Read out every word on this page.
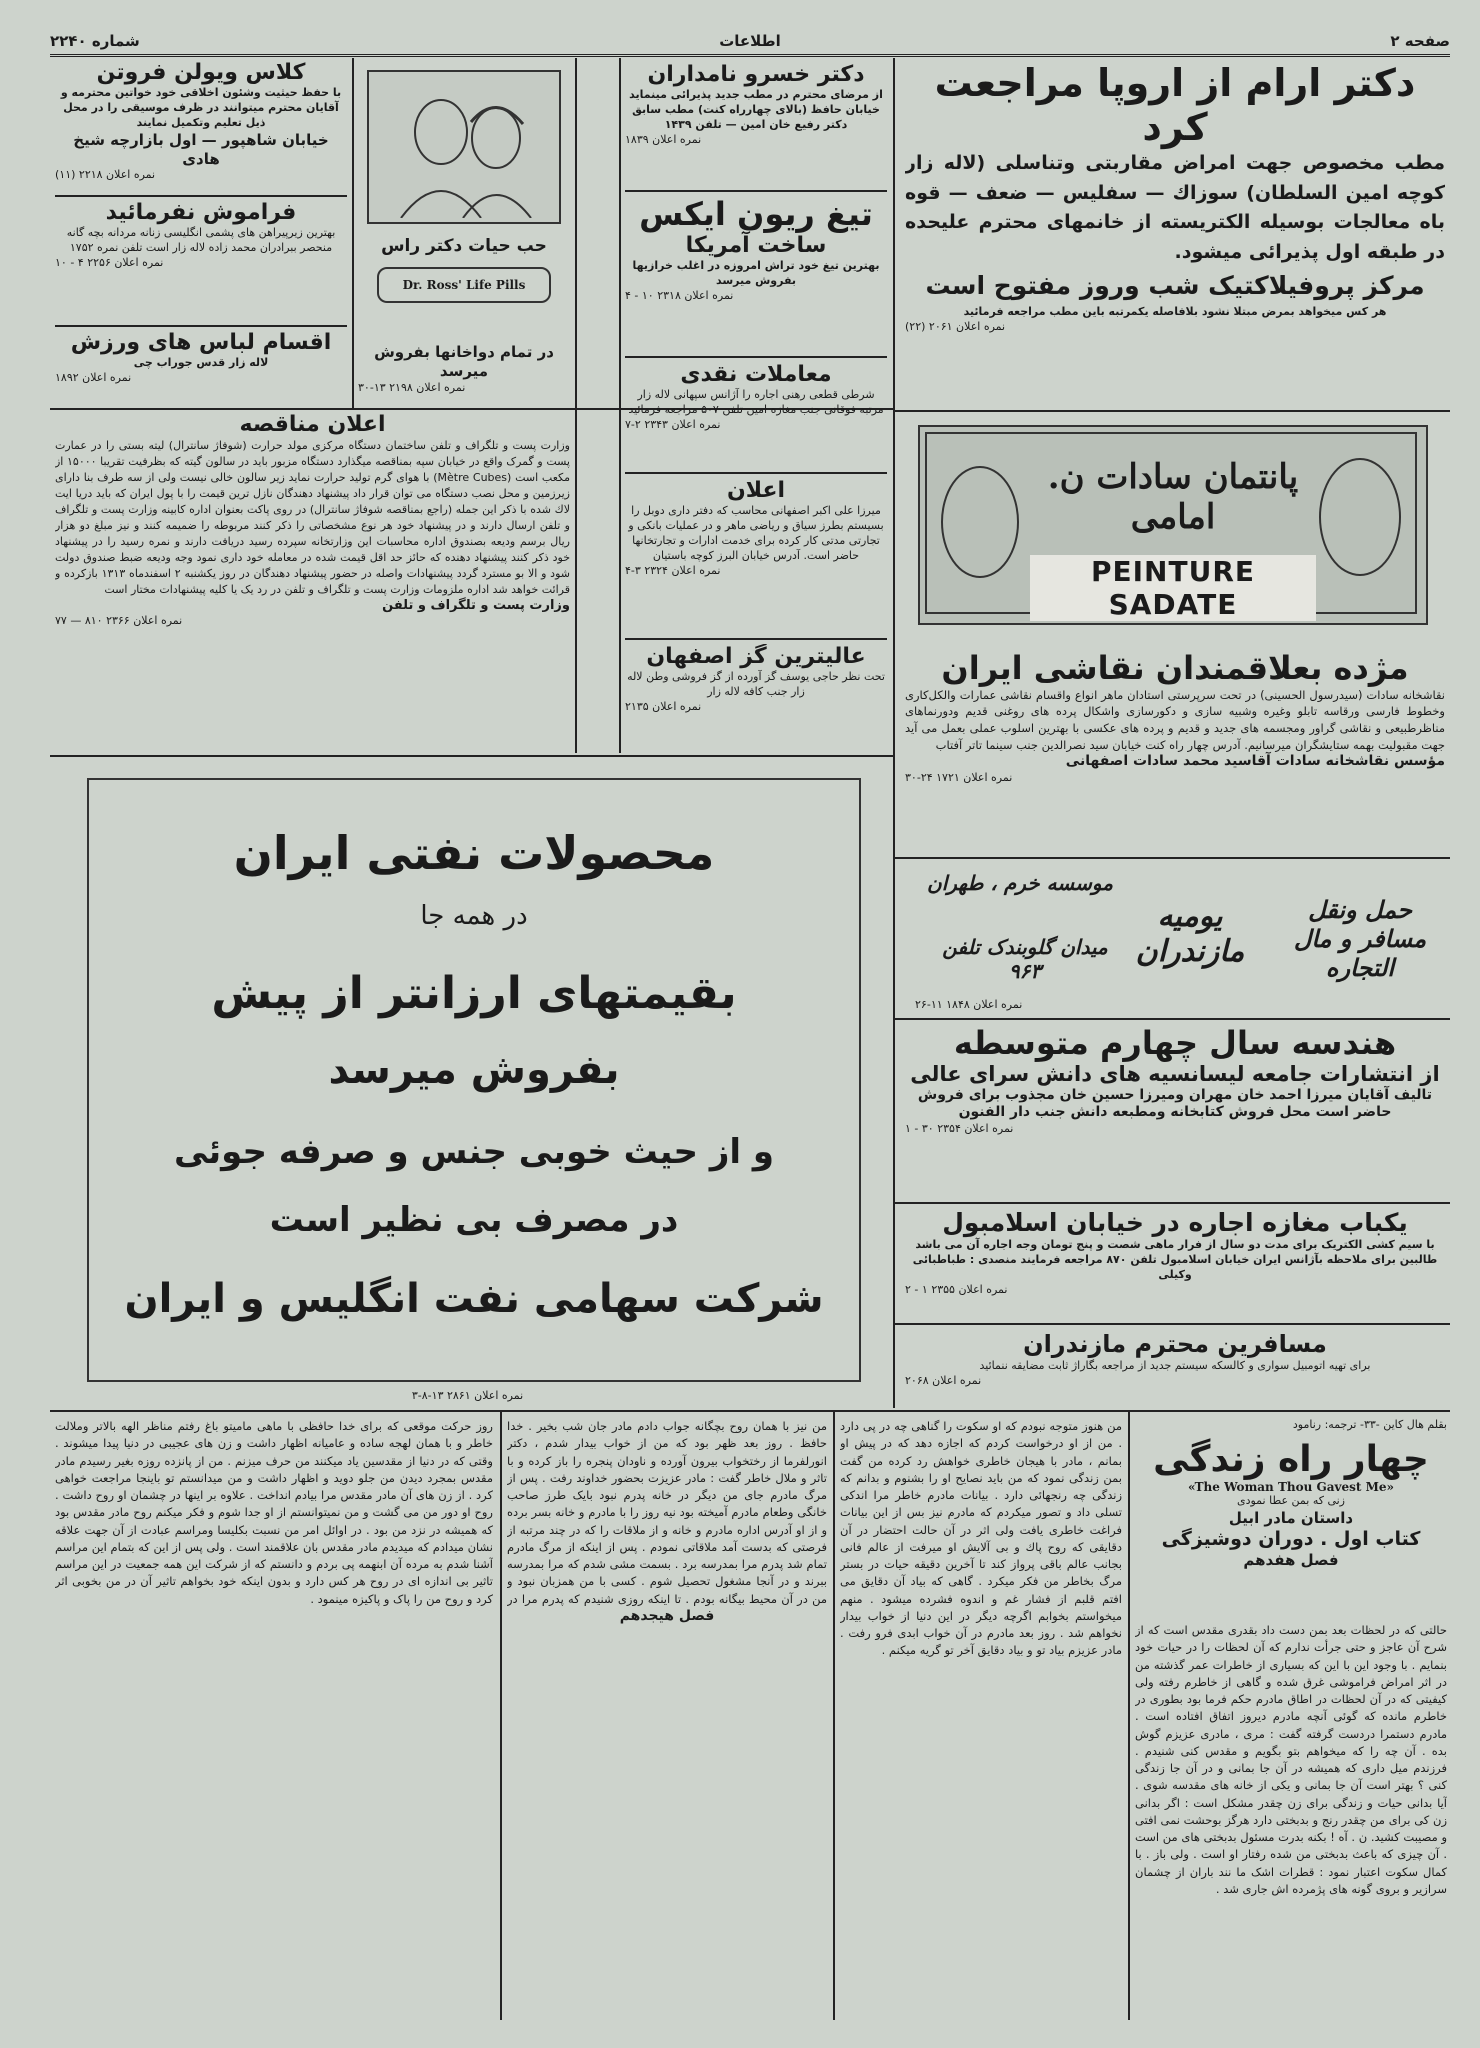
صفحه ۲
اطلاعات
شماره ۲۲۴۰
دکتر ارام از اروپا مراجعت کرد
مطب مخصوص جهت امراض مقاربتی وتناسلی (لاله زار کوچه امین السلطان) سوزاك — سفلیس — ضعف — قوه باه معالجات بوسیله الکتریسته از خانمهای محترم علیحده در طبقه اول پذیرائی میشود.
مرکز پروفیلاکتیک شب وروز مفتوح است
هر کس میخواهد بمرض مبتلا نشود بلافاصله یکمرتبه باین مطب مراجعه فرمائید
نمره اعلان ۲۰۶۱ (۲۲)
دکتر خسرو نامداران
از مرضای محترم در مطب جدید پذیرائی مینماید خیابان حافظ (بالای چهارراه کنت) مطب سابق دکتر رفیع خان امین — تلفن ۱۴۳۹
نمره اعلان ۱۸۳۹
تیغ ریون ایکس
ساخت آمریکا
بهترین تیغ خود تراش امروزه در اغلب خرازیها بفروش میرسد
نمره اعلان ۲۳۱۸ ۱۰ - ۴
معاملات نقدی
شرطی قطعی رهنی اجاره را آژانس سپهانی لاله زار مرتبه فوقانی جنب مغازه امین تلفن ۵۰۷ مراجعه فرمائید
نمره اعلان ۲۳۴۳ ۲-۷
اعلان
میرزا علی اکبر اصفهانی محاسب که دفتر داری دوبل را بسیستم بطرز سیاق و ریاضی ماهر و در عملیات بانکی و تجارتی مدتی کار کرده برای خدمت ادارات و تجارتخانها حاضر است. آدرس خیابان البرز کوچه باستیان
نمره اعلان ۲۳۲۴ ۳-۴
عالیترین گز اصفهان
تحت نظر حاجی یوسف گز آورده از گز فروشی وطن لاله زار جنب کافه لاله زار
نمره اعلان ۲۱۳۵
حب حیات دکتر راس
Dr. Ross' Life Pills
در تمام دواخانها بفروش میرسد
نمره اعلان ۲۱۹۸ ۱۳-۳۰
کلاس ویولن فروتن
با حفظ حیثیت وشئون اخلاقی خود خواتین محترمه و آقایان محترم میتوانند در ظرف موسیقی را در محل ذیل تعلیم وتکمیل نمایند
خیابان شاهپور — اول بازارچه شیخ هادی
نمره اعلان ۲۲۱۸ (۱۱)
فراموش نفرمائید
بهترین زیرپیراهن های پشمی انگلیسی زنانه مردانه بچه گانه منحصر ببرادران محمد زاده لاله زار است تلفن نمره ۱۷۵۲
نمره اعلان ۲۲۵۶ ۴ - ۱۰
اقسام لباس های ورزش
لاله زار قدس جوراب چی
نمره اعلان ۱۸۹۲
اعلان مناقصه
وزارت پست و تلگراف و تلفن ساختمان دستگاه مرکزی مولد حرارت (شوفاژ سانترال) لیته بستی را در عمارت پست و گمرک واقع در خیابان سپه بمناقصه میگذارد دستگاه مزبور باید در سالون گیته که بظرفیت تقریبا ۱۵۰۰۰ از مکعب است (Mètre Cubes) با هوای گرم تولید حرارت نماید زیر سالون خالی نیست ولی از سه طرف بنا دارای زیرزمین و محل نصب دستگاه می توان قرار داد پیشنهاد دهندگان نازل ترین قیمت را با پول ایران که باید دریا ایت لاك شده با ذکر این جمله (راجع بمناقصه شوفاژ سانترال) در روی پاکت بعنوان اداره کابینه وزارت پست و تلگراف و تلفن ارسال دارند و در پیشنهاد خود هر نوع مشخصاتی را ذکر کنند مربوطه را ضمیمه کنند و نیز مبلغ دو هزار ریال برسم ودیعه بصندوق اداره محاسبات این وزارتخانه سپرده رسید دریافت دارند و نمره رسید را در پیشنهاد خود ذکر کنند پیشنهاد دهنده که حائز حد اقل قیمت شده در معامله خود داری نمود وجه ودیعه ضبط صندوق دولت شود و الا بو مسترد گردد پیشنهادات واصله در حضور پیشنهاد دهندگان در روز یکشنبه ۲ اسفندماه ۱۳۱۳ بازکرده و قرائت خواهد شد اداره ملزومات وزارت پست و تلگراف و تلفن در رد یک یا کلیه پیشنهادات مختار است
وزارت پست و تلگراف و تلفن
نمره اعلان ۲۳۶۶ ۸۱۰ — ۷۷
پانتمان سادات ن. امامی
PEINTURE SADATE
مژده بعلاقمندان نقاشی ایران
نقاشخانه سادات (سیدرسول الحسینی) در تحت سرپرستی استادان ماهر انواع واقسام نقاشی عمارات والکل‌کاری وخطوط فارسی ورقاسه تابلو وغیره وشبیه سازی و دکورسازی واشکال پرده های روغنی قدیم ودورنماهای مناظرطبیعی و نقاشی گراور ومجسمه های جدید و قدیم و پرده های عکسی با بهترین اسلوب عملی بعمل می آید جهت مقبولیت بهمه ستایشگران میرسانیم. آدرس چهار راه کنت خیابان سید نصرالدین جنب سینما تاتر آفتاب
مؤسس نقاشخانه سادات آقاسید محمد سادات اصفهانی
نمره اعلان ۱۷۲۱ ۲۴-۳۰
حمل ونقل مسافر و مال التجاره
یومیه مازندران
موسسه خرم ، طهران
میدان گلوبندک تلفن ۹۶۳
نمره اعلان ۱۸۴۸ ۱۱-۲۶
هندسه سال چهارم متوسطه
از انتشارات جامعه لیسانسیه های دانش سرای عالی
تالیف آقایان میرزا احمد خان مهران ومیرزا حسین خان مجذوب برای فروش حاضر است محل فروش کتابخانه ومطبعه دانش جنب دار الفنون
نمره اعلان ۲۳۵۴ ۳۰ - ۱
یکباب مغازه اجاره در خیابان اسلامبول
با سیم کشی الکتریک برای مدت دو سال از فرار ماهی شصت و پنج تومان وجه اجاره آن می باشد طالبین برای ملاحظه بآژانس ایران خیابان اسلامبول تلفن ۸۷۰ مراجعه فرمایند منصدی : طباطبائی وکیلی
نمره اعلان ۲۳۵۵ ۱ - ۲
مسافرین محترم مازندران
برای تهیه اتومبیل سواری و کالسکه سیستم جدید از مراجعه بگاراژ ثابت مضایقه ننمائید
نمره اعلان ۲۰۶۸
محصولات نفتی ایران
در همه جا
بقیمتهای ارزانتر از پیش
بفروش میرسد
و از حیث خوبی جنس و صرفه جوئی
در مصرف بی نظیر است
شرکت سهامی نفت انگلیس و ایران
نمره اعلان ۲۸۶۱ ۱۳-۸-۳
بقلم هال کاین -۳۳- ترجمه: رنامود
چهار راه زندگی
«The Woman Thou Gavest Me»
زنی که بمن عطا نمودی
داستان مادر ابیل
کتاب اول . دوران دوشیزگی
فصل هفدهم
حالتی که در لحظات بعد بمن دست داد بقدری مقدس است که از شرح آن عاجز و حتی جرأت ندارم که آن لحظات را در حیات خود بنمایم . با وجود این با این که بسیاری از خاطرات عمر گذشته من در اثر امراض فراموشی غرق شده و گاهی از خاطرم رفته ولی کیفیتی که در آن لحظات در اطاق مادرم حکم فرما بود بطوری در خاطرم مانده که گوئی آنچه مادرم دیروز اتفاق افتاده است . مادرم دستمرا دردست گرفته گفت : مری ، مادری عزیزم گوش بده . آن چه را که میخواهم بتو بگویم و مقدس کنی شنیدم . فرزندم میل داری که همیشه در آن جا بمانی و در آن جا زندگی کنی ؟ بهتر است آن جا بمانی و یکی از خانه های مقدسه شوی . آیا بدانی حیات و زندگی برای زن چقدر مشکل است : اگر بدانی زن کی برای من چقدر رنج و بدبختی دارد هرگز بوحشت نمی افتی و مصیبت کشید. ن . آه ! بکنه بدرت مسئول بدبختی های من است . آن چیزی که باعث بدبختی من شده رفتار او است . ولی باز . با کمال سکوت اعتبار نمود : قطرات اشک ما نند باران از چشمان سرازیر و بروی گونه های پژمرده اش جاری شد .
من هنوز متوجه نبودم که او سکوت را گناهی چه در پی دارد . من از او درخواست کردم که اجازه دهد که در پیش او بمانم ، مادر با هیجان خاطری خواهش رد کرده من گفت بمن زندگی نمود که من باید نصایح او را بشنوم و بدانم که زندگی چه رنجهائی دارد . بیانات مادرم خاطر مرا اندکی تسلی داد و تصور میکردم که مادرم نیز بس از این بیانات فراغت خاطری یافت ولی اثر در آن حالت احتضار در آن دقایقی که روح پاك و بی آلایش او میرفت از عالم فانی بجانب عالم باقی پرواز کند تا آخرین دقیقه حیات در بستر مرگ بخاطر من فکر میکرد . گاهی که بیاد آن دقایق می افتم قلبم از فشار غم و اندوه فشرده میشود . منهم میخواستم بخوابم اگرچه دیگر در این دنیا از خواب بیدار نخواهم شد . روز بعد مادرم در آن خواب ابدی فرو رفت . مادر عزیزم بیاد تو و بیاد دقایق آخر تو گریه میکنم .
من نیز با همان روح بچگانه جواب دادم مادر جان شب بخیر . خدا حافظ . روز بعد ظهر بود که من از خواب بیدار شدم ، دکتر انورلفرما از رختخواب بیرون آورده و ناودان پنجره را باز کرده و با تاثر و ملال خاطر گفت : مادر عزیزت بحضور خداوند رفت . پس از مرگ مادرم جای من دیگر در خانه پدرم نبود بایک طرز صاحب خانگی وطعام مادرم آمیخته بود نیه روز را با مادرم و خانه بسر برده و از او آدرس اداره مادرم و خانه و از ملاقات را که در چند مرتبه از فرصتی که بدست آمد ملاقاتی نمودم . پس از اینکه از مرگ مادرم تمام شد پدرم مرا بمدرسه برد . بسمت مشی شدم که مرا بمدرسه ببرند و در آنجا مشغول تحصیل شوم . کسی با من همزبان نبود و من در آن محیط بیگانه بودم . تا اینکه روزی شنیدم که پدرم مرا در
فصل هیجدهم
روز حرکت موقعی که برای خدا حافظی با ماهی مامیتو باغ رفتم مناظر الهه بالاتر وملالت خاطر و با همان لهجه ساده و عامیانه اظهار داشت و زن های عجیبی در دنیا پیدا میشوند . وقتی که در دنیا از مقدسین یاد میکنند من حرف میزنم . من از پانزده روزه بغیر رسیدم مادر مقدس بمجرد دیدن من جلو دوید و اظهار داشت و من میدانستم تو باینجا مراجعت خواهی کرد . از زن های آن مادر مقدس مرا بیادم انداخت . علاوه بر اینها در چشمان او روح داشت . روح او دور من می گشت و من نمیتوانستم از او جدا شوم و فکر میکنم روح مادر مقدس بود که همیشه در نزد من بود . در اوائل امر من نسبت بکلیسا ومراسم عبادت از آن جهت علاقه نشان میدادم که میدیدم مادر مقدس بان علاقمند است . ولی پس از این که بتمام این مراسم آشنا شدم به مرده آن ابنهمه پی بردم و دانستم که از شرکت این همه جمعیت در این مراسم تاثیر بی اندازه ای در روح هر کس دارد و بدون اینکه خود بخواهم تاثیر آن در من بخوبی اثر کرد و روح من را پاک و پاکیزه مینمود .
